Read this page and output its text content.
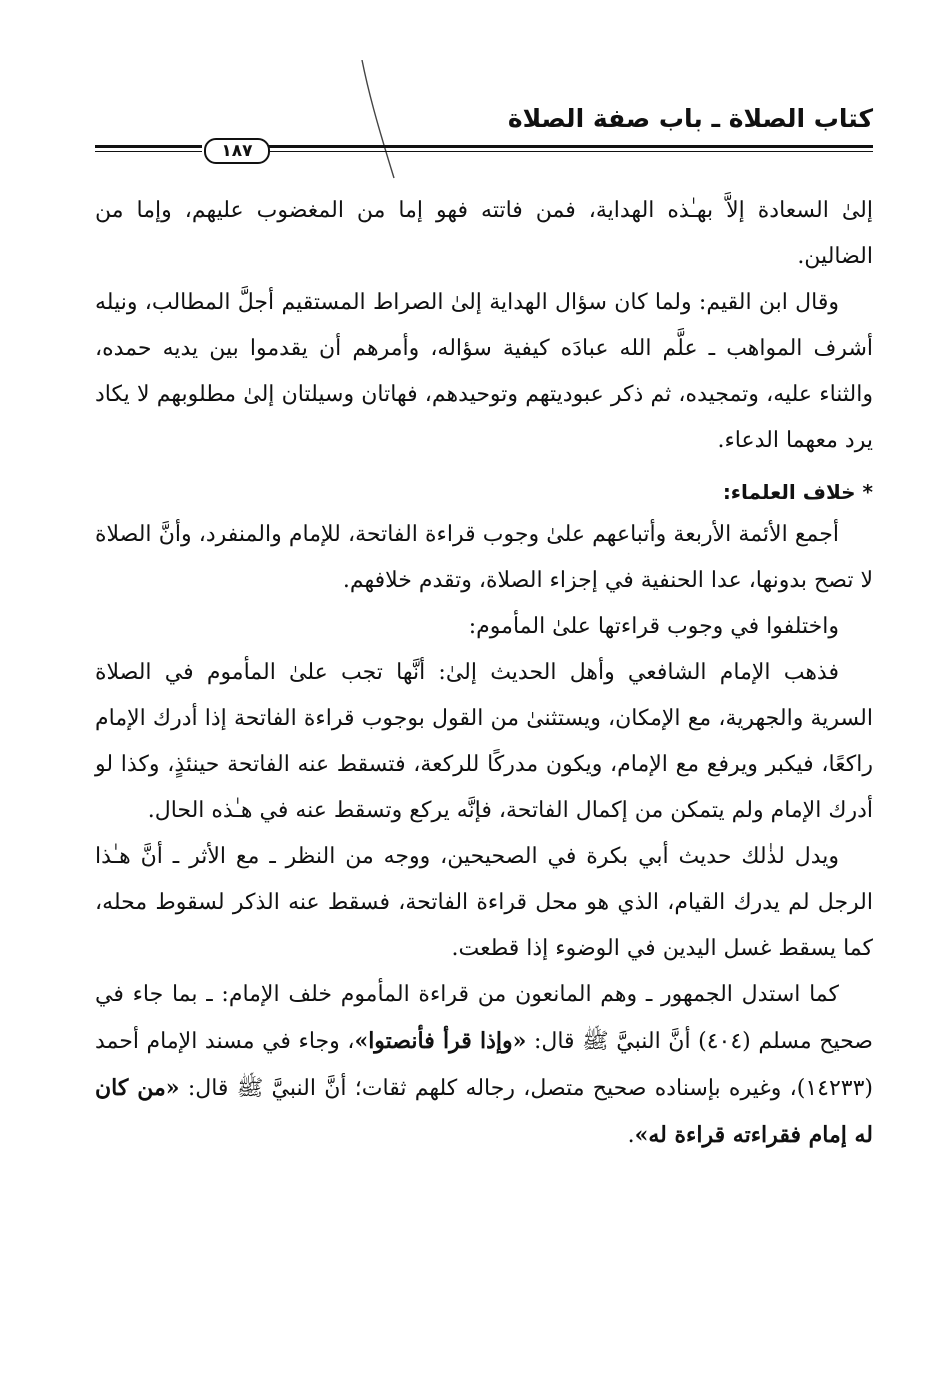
كتاب الصلاة ـ باب صفة الصلاة
١٨٧

إلىٰ السعادة إلاَّ بهـٰذه الهداية، فمن فاتته فهو إما من المغضوب عليهم، وإما من الضالين.

وقال ابن القيم: ولما كان سؤال الهداية إلىٰ الصراط المستقيم أجلَّ المطالب، ونيله أشرف المواهب ـ علَّم الله عبادَه كيفية سؤاله، وأمرهم أن يقدموا بين يديه حمده، والثناء عليه، وتمجيده، ثم ذكر عبوديتهم وتوحيدهم، فهاتان وسيلتان إلىٰ مطلوبهم لا يكاد يرد معهما الدعاء.

* خلاف العلماء:

أجمع الأئمة الأربعة وأتباعهم علىٰ وجوب قراءة الفاتحة، للإمام والمنفرد، وأنَّ الصلاة لا تصح بدونها، عدا الحنفية في إجزاء الصلاة، وتقدم خلافهم.

واختلفوا في وجوب قراءتها علىٰ المأموم:

فذهب الإمام الشافعي وأهل الحديث إلىٰ: أنَّها تجب علىٰ المأموم في الصلاة السرية والجهرية، مع الإمكان، ويستثنىٰ من القول بوجوب قراءة الفاتحة إذا أدرك الإمام راكعًا، فيكبر ويرفع مع الإمام، ويكون مدركًا للركعة، فتسقط عنه الفاتحة حينئذٍ، وكذا لو أدرك الإمام ولم يتمكن من إكمال الفاتحة، فإنَّه يركع وتسقط عنه في هـٰذه الحال.

ويدل لذٰلك حديث أبي بكرة في الصحيحين، ووجه من النظر ـ مع الأثر ـ أنَّ هـٰذا الرجل لم يدرك القيام، الذي هو محل قراءة الفاتحة، فسقط عنه الذكر لسقوط محله، كما يسقط غسل اليدين في الوضوء إذا قطعت.

كما استدل الجمهور ـ وهم المانعون من قراءة المأموم خلف الإمام: ـ بما جاء في صحيح مسلم (٤٠٤) أنَّ النبيَّ ﷺ قال: «وإذا قرأ فأنصتوا»، وجاء في مسند الإمام أحمد (١٤٢٣٣)، وغيره بإسناده صحيح متصل، رجاله كلهم ثقات؛ أنَّ النبيَّ ﷺ قال: «من كان له إمام فقراءته قراءة له».
